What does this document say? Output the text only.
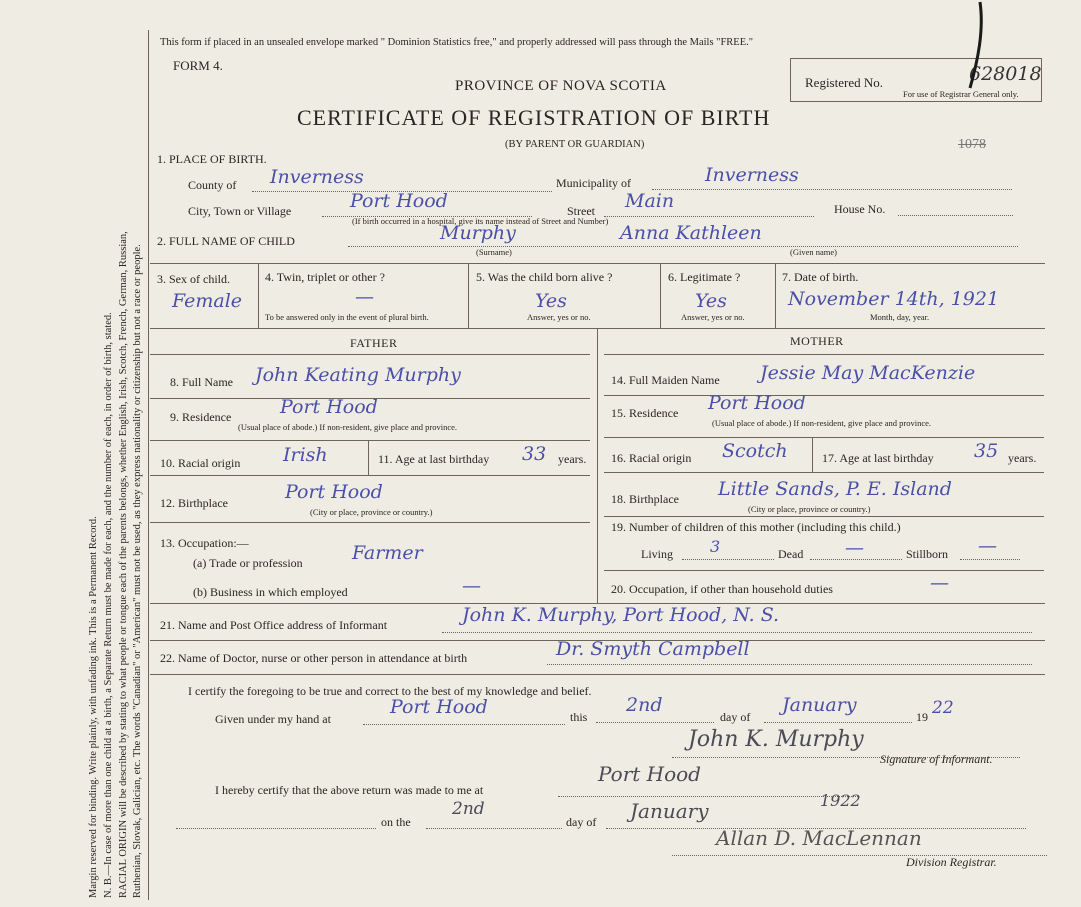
Margin reserved for binding. Write plainly, with unfading ink. This is a Permanent Record. N. B.—In case of more than one child at a birth, a Separate Return must be made for each, and the number of each, in order of birth, stated. RACIAL ORIGIN will be described by stating to what people or tongue each of the parents belongs, whether English, Irish, Scotch, French, German, Russian, Ruthenian, Slovak, Galician, etc. The words "Canadian" or "American" must not be used, as they express nationality or citizenship but not a race or people.
This form if placed in an unsealed envelope marked " Dominion Statistics free," and properly addressed will pass through the Mails "FREE."
FORM 4.
PROVINCE OF NOVA SCOTIA
CERTIFICATE OF REGISTRATION OF BIRTH
(BY PARENT OR GUARDIAN)
Registered No.	628018
For use of Registrar General only.
1078
1. PLACE OF BIRTH.
County of Inverness	Municipality of	Inverness
City, Town or Village	Port Hood	Street Main	House No.
(If birth occurred in a hospital, give its name instead of Street and Number)
2. FULL NAME OF CHILD	Murphy	Anna Kathleen
(Surname)	(Given name)
3. Sex of child.
Female
4. Twin, triplet or other ?
—
To be answered only in the event of plural birth.
5. Was the child born alive ?
Yes
Answer, yes or no.
6. Legitimate ?
Yes
Answer, yes or no.
7. Date of birth.
November 14th, 1921
Month, day, year.
FATHER	MOTHER
8. Full Name John Keating Murphy
9. Residence	Port Hood
(Usual place of abode.) If non-resident, give place and province.
10. Racial origin Irish	11. Age at last birthday 33 years.
12. Birthplace	Port Hood
(City or place, province or country.)
13. Occupation:—
(a) Trade or profession	Farmer
(b) Business in which employed	—
14. Full Maiden Name Jessie May MacKenzie
15. Residence Port Hood
(Usual place of abode.) If non-resident, give place and province.
16. Racial origin Scotch	17. Age at last birthday 35 years.
18. Birthplace Little Sands, P. E. Island
(City or place, province or country.)
19. Number of children of this mother (including this child.)
Living 3	Dead —	Stillborn —
20. Occupation, if other than household duties	—
21. Name and Post Office address of Informant	John K. Murphy, Port Hood, N. S.
22. Name of Doctor, nurse or other person in attendance at birth	Dr. Smyth Campbell
I certify the foregoing to be true and correct to the best of my knowledge and belief.
Given under my hand at
Port Hood	this
2nd
day of
January
19 22
John K. Murphy
Signature of Informant.
I hereby certify that the above return was made to me at
Port Hood
on the
2nd
day of January	1922
Allan D. MacLennan
Division Registrar.
